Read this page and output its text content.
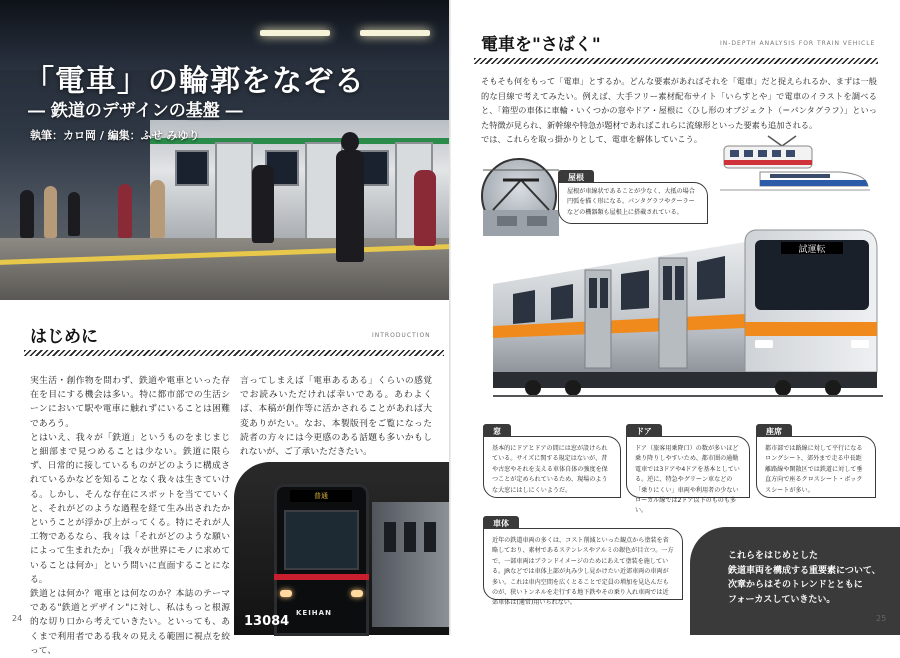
「電車」の輪郭をなぞる
― 鉄道のデザインの基盤 ―
執筆：カロ岡 / 編集：ふせ みゆり
はじめに	INTRODUCTION
実生活・創作物を問わず、鉄道や電車といった存在を目にする機会は多い。特に都市部での生活シーンにおいて駅や電車に触れずにいることは困難であろう。
とはいえ、我々が「鉄道」というものをまじまじと細部まで見つめることは少ない。鉄道に限らず、日常的に接しているものがどのように構成されているかなどを知ることなく我々は生きていける。しかし、そんな存在にスポットを当てていくと、それがどのような過程を経て生み出されたかということが浮かび上がってくる。特にそれが人工物であるなら、我々は「それがどのような願いによって生まれたか」「我々が世界にモノに求めていることは何か」という問いに直面することになる。
鉄道とは何か？電車とは何なのか？本誌のテーマである"鉄道とデザイン"に対し、私はもっと根源的な切り口から考えていきたい。といっても、あくまで利用者である我々の見える範囲に視点を絞って、
言ってしまえば「電車あるある」くらいの感覚でお読みいただければ幸いである。あわよくば、本稿が創作等に活かされることがあれば大変ありがたい。なお、本製版刊をご覧になった読者の方々には今更感のある話題も多いかもしれないが、ご了承いただきたい。
普通
KEIHAN
13084
24
電車を"さばく"	IN-DEPTH ANALYSIS FOR TRAIN VEHICLE
そもそも何をもって「電車」とするか。どんな要素があればそれを「電車」だと捉えられるか、まずは一般的な目線で考えてみたい。例えば、大手フリー素材配布サイト「いらすとや」で電車のイラストを調べると、「箱型の車体に車輪・いくつかの窓やドア・屋根に〈ひし形のオブジェクト（＝パンタグラフ）」といった特徴が見られ、新幹線や特急が題材であればこれらに流線形といった要素も追加される。
では、これらを取っ掛かりとして、電車を解体していこう。
試運転
屋根
屋根が車線状であることが少なく、大抵の場合円弧を描く形になる。パンタグラフやクーラーなどの機器類も屋根上に搭載されている。
窓
基本的にドアとドアの間には窓が設けられている。サイズに関する規定はないが、昔や古窓やそれを支える車体自体の強度を保つことが定められているため、現場のような大窓にはしにくいようだ。
ドア
ドア（旅客用乗降口）の数が多いほど乗り降りしやすいため、都市圏の通勤電車では3ドアや4ドアを基本としている。逆に、特急やグリーン車などの「乗りにくい」車両や利用者の少ないローカル線では2ドア以下のものも多い。
座席
都市部では路線に対して平行になるロングシート、郊外まで走る中長距離路線や閑散区では鉄道に対して垂直方向で座るクロスシート・ボックスシートが多い。
車体
近年の鉄道車両の多くは、コスト削減といった観点から塗装を省略しており、素材であるステンレスやアルミの銀色が目立つ。一方で、一部車両はブランドイメージのためにあえて塗装を施している。JRなどでは車体上部が丸み少し見かけたい近郊車両の車両が多い。これは車内空間を広くとることで定員の増加を見込んだものが、狭いトンネルを走行する地下鉄やその乗り入れ車両では近郊車体は(通常)用いられない。
これらをはじめとした
鉄道車両を構成する重要素について、
次章からはそのトレンドとともに
フォーカスしていきたい。
25
